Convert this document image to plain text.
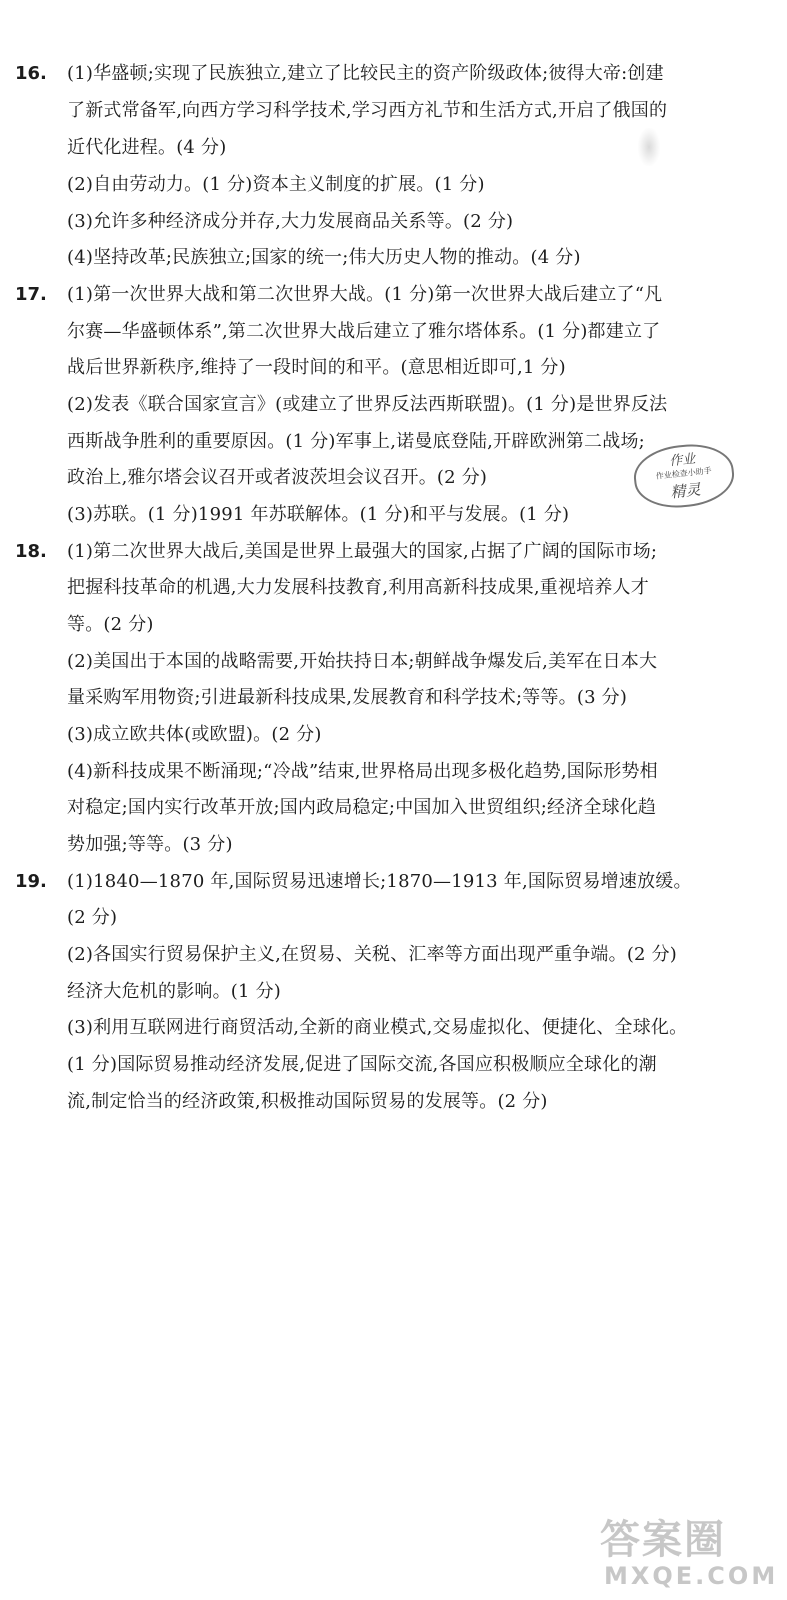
16. (1)华盛顿;实现了民族独立,建立了比较民主的资产阶级政体;彼得大帝:创建
了新式常备军,向西方学习科学技术,学习西方礼节和生活方式,开启了俄国的
近代化进程。(4 分)
(2)自由劳动力。(1 分)资本主义制度的扩展。(1 分)
(3)允许多种经济成分并存,大力发展商品关系等。(2 分)
(4)坚持改革;民族独立;国家的统一;伟大历史人物的推动。(4 分)
17. (1)第一次世界大战和第二次世界大战。(1 分)第一次世界大战后建立了“凡
尔赛—华盛顿体系”,第二次世界大战后建立了雅尔塔体系。(1 分)都建立了
战后世界新秩序,维持了一段时间的和平。(意思相近即可,1 分)
(2)发表《联合国家宣言》(或建立了世界反法西斯联盟)。(1 分)是世界反法
西斯战争胜利的重要原因。(1 分)军事上,诺曼底登陆,开辟欧洲第二战场;
政治上,雅尔塔会议召开或者波茨坦会议召开。(2 分)
(3)苏联。(1 分)1991 年苏联解体。(1 分)和平与发展。(1 分)
18. (1)第二次世界大战后,美国是世界上最强大的国家,占据了广阔的国际市场;
把握科技革命的机遇,大力发展科技教育,利用高新科技成果,重视培养人才
等。(2 分)
(2)美国出于本国的战略需要,开始扶持日本;朝鲜战争爆发后,美军在日本大
量采购军用物资;引进最新科技成果,发展教育和科学技术;等等。(3 分)
(3)成立欧共体(或欧盟)。(2 分)
(4)新科技成果不断涌现;“冷战”结束,世界格局出现多极化趋势,国际形势相
对稳定;国内实行改革开放;国内政局稳定;中国加入世贸组织;经济全球化趋
势加强;等等。(3 分)
19. (1)1840—1870 年,国际贸易迅速增长;1870—1913 年,国际贸易增速放缓。
(2 分)
(2)各国实行贸易保护主义,在贸易、关税、汇率等方面出现严重争端。(2 分)
经济大危机的影响。(1 分)
(3)利用互联网进行商贸活动,全新的商业模式,交易虚拟化、便捷化、全球化。
(1 分)国际贸易推动经济发展,促进了国际交流,各国应积极顺应全球化的潮
流,制定恰当的经济政策,积极推动国际贸易的发展等。(2 分)
作业
作业检查小助手
精灵
答案圈
MXQE.COM
